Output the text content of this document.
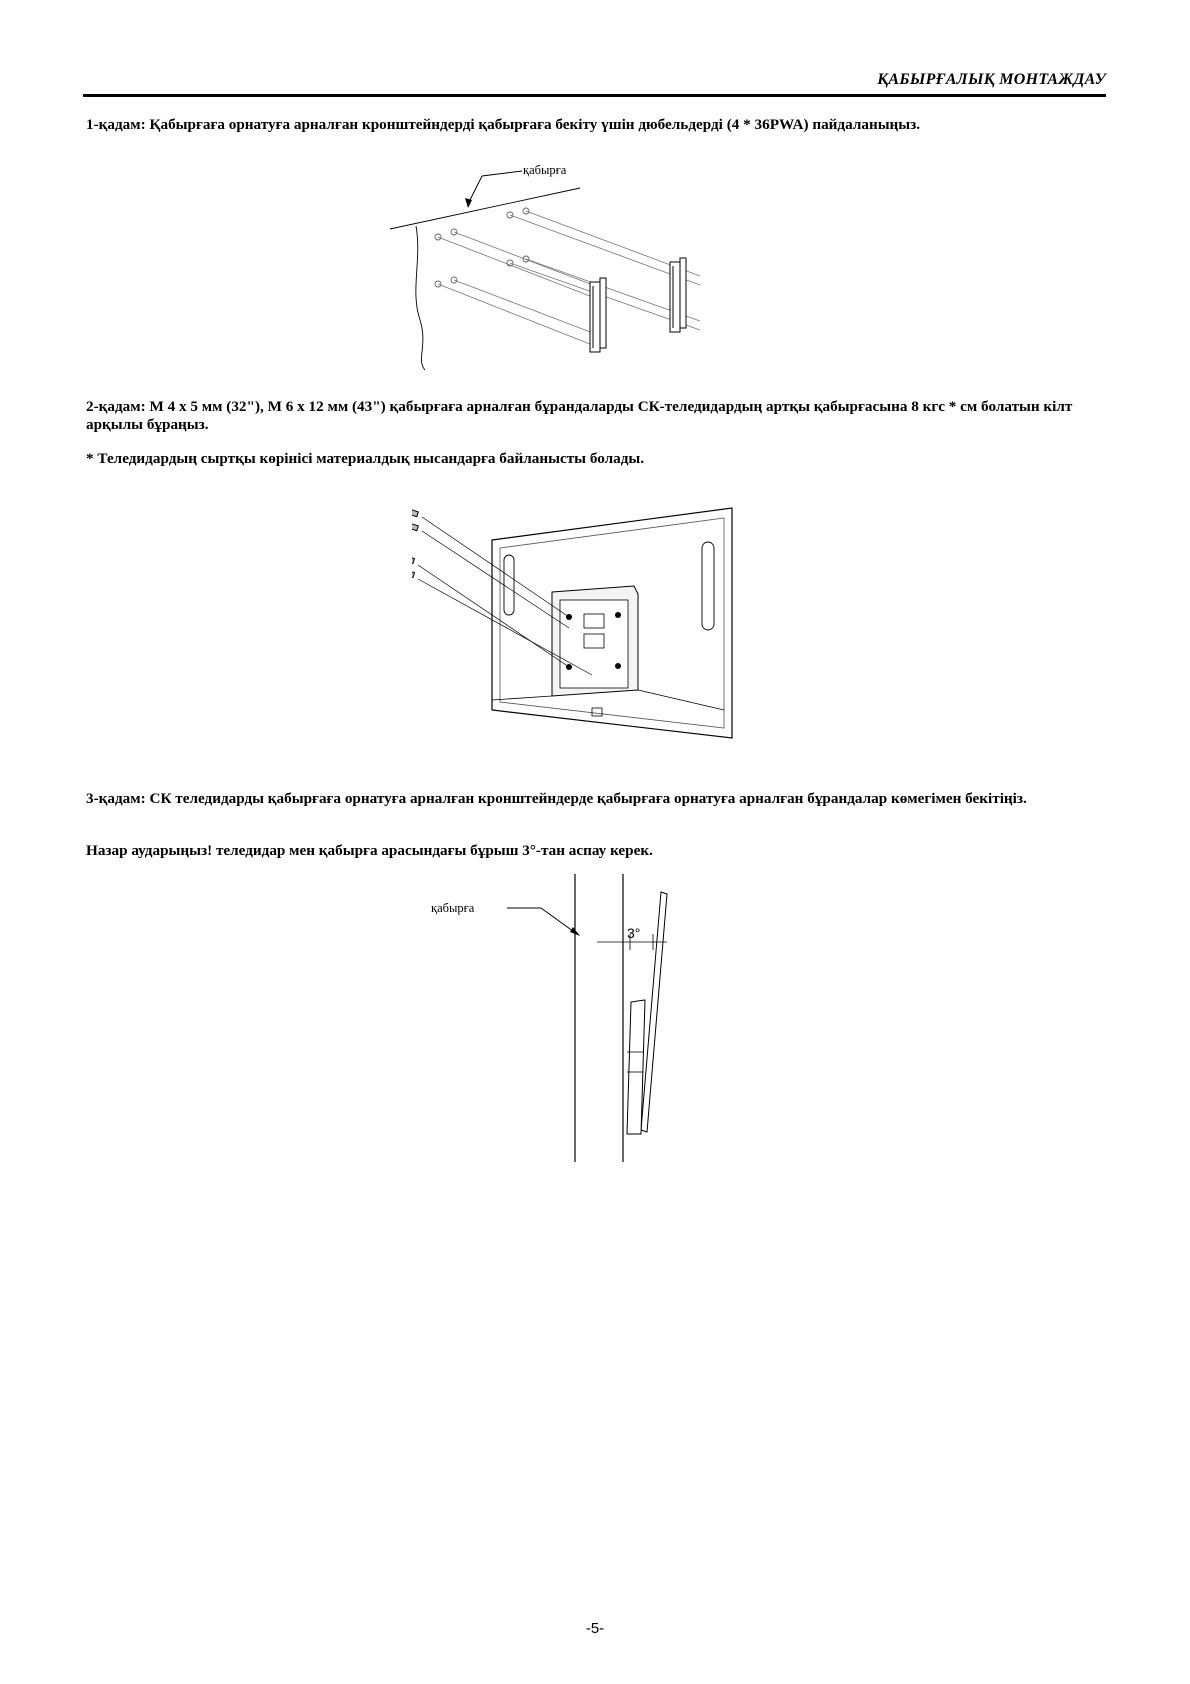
ҚАБЫРҒАЛЫҚ МОНТАЖДАУ
1-қадам: Қабырғаға орнатуға арналған кронштейндерді қабырғаға бекіту үшін дюбельдерді (4 * 36PWA) пайдаланыңыз.
қабырға
2-қадам: M 4 x 5 мм (32"), M 6 x 12 мм (43") қабырғаға арналған бұрандаларды СК-теледидардың артқы қабырғасына 8 кгс * см болатын кілт арқылы бұраңыз.
* Теледидардың сыртқы көрінісі материалдық нысандарға байланысты болады.
3-қадам: СК теледидарды қабырғаға орнатуға арналған кронштейндерде қабырғаға орнатуға арналған бұрандалар көмегімен бекітіңіз.
Назар аударыңыз! теледидар мен қабырға арасындағы бұрыш 3°-тан аспау керек.
қабырға
3°
-5-
